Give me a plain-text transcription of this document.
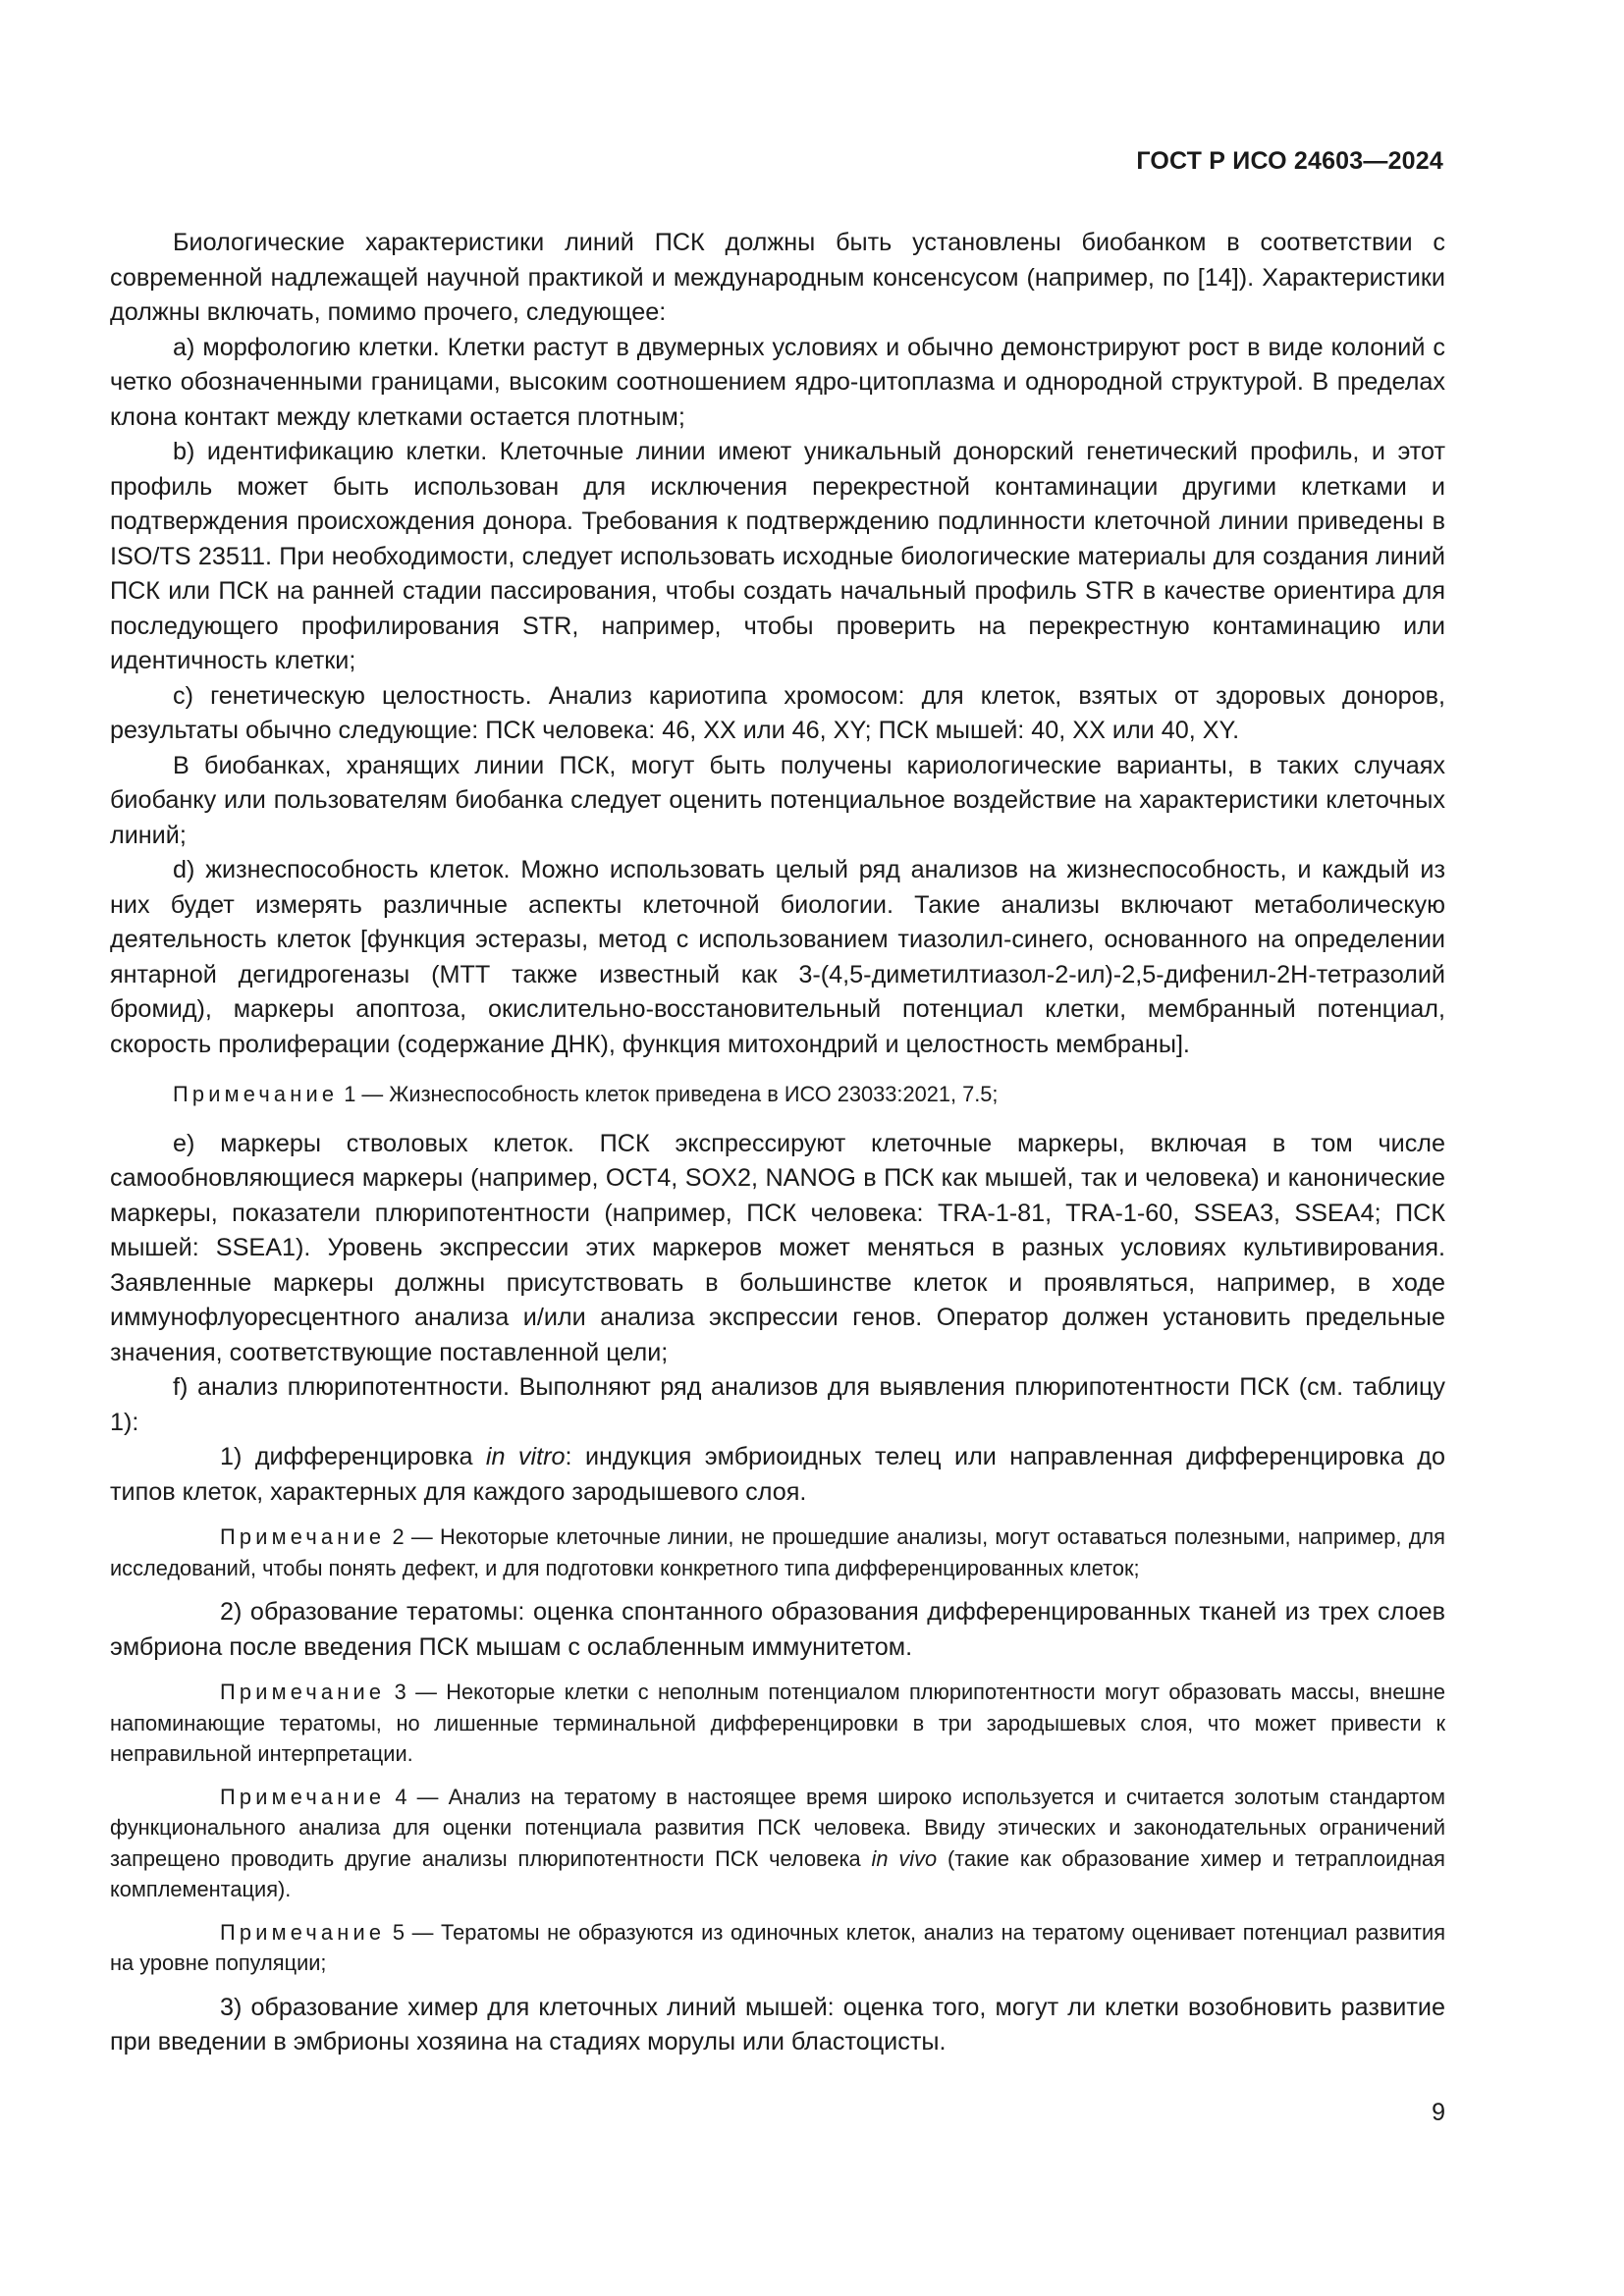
ГОСТ Р ИСО 24603—2024

Биологические характеристики линий ПСК должны быть установлены биобанком в соответствии с современной надлежащей научной практикой и международным консенсусом (например, по [14]). Характеристики должны включать, помимо прочего, следующее:

a) морфологию клетки. Клетки растут в двумерных условиях и обычно демонстрируют рост в виде колоний с четко обозначенными границами, высоким соотношением ядро-цитоплазма и однородной структурой. В пределах клона контакт между клетками остается плотным;

b) идентификацию клетки. Клеточные линии имеют уникальный донорский генетический профиль, и этот профиль может быть использован для исключения перекрестной контаминации другими клетками и подтверждения происхождения донора. Требования к подтверждению подлинности клеточной линии приведены в ISO/TS 23511. При необходимости, следует использовать исходные биологические материалы для создания линий ПСК или ПСК на ранней стадии пассирования, чтобы создать начальный профиль STR в качестве ориентира для последующего профилирования STR, например, чтобы проверить на перекрестную контаминацию или идентичность клетки;

c) генетическую целостность. Анализ кариотипа хромосом: для клеток, взятых от здоровых доноров, результаты обычно следующие: ПСК человека: 46, XX или 46, XY; ПСК мышей: 40, XX или 40, XY.

В биобанках, хранящих линии ПСК, могут быть получены кариологические варианты, в таких случаях биобанку или пользователям биобанка следует оценить потенциальное воздействие на характеристики клеточных линий;

d) жизнеспособность клеток. Можно использовать целый ряд анализов на жизнеспособность, и каждый из них будет измерять различные аспекты клеточной биологии. Такие анализы включают метаболическую деятельность клеток [функция эстеразы, метод с использованием тиазолил-синего, основанного на определении янтарной дегидрогеназы (МТТ также известный как 3-(4,5-диметилтиазол-2-ил)-2,5-дифенил-2Н-тетразолий бромид), маркеры апоптоза, окислительно-восстановительный потенциал клетки, мембранный потенциал, скорость пролиферации (содержание ДНК), функция митохондрий и целостность мембраны].

Примечание 1 — Жизнеспособность клеток приведена в ИСО 23033:2021, 7.5;

e) маркеры стволовых клеток. ПСК экспрессируют клеточные маркеры, включая в том числе самообновляющиеся маркеры (например, ОСТ4, SOX2, NANOG в ПСК как мышей, так и человека) и канонические маркеры, показатели плюрипотентности (например, ПСК человека: TRA-1-81, TRA-1-60, SSEA3, SSEA4; ПСК мышей: SSEA1). Уровень экспрессии этих маркеров может меняться в разных условиях культивирования. Заявленные маркеры должны присутствовать в большинстве клеток и проявляться, например, в ходе иммунофлуоресцентного анализа и/или анализа экспрессии генов. Оператор должен установить предельные значения, соответствующие поставленной цели;

f) анализ плюрипотентности. Выполняют ряд анализов для выявления плюрипотентности ПСК (см. таблицу 1):

1) дифференцировка in vitro: индукция эмбриоидных телец или направленная дифференцировка до типов клеток, характерных для каждого зародышевого слоя.

Примечание 2 — Некоторые клеточные линии, не прошедшие анализы, могут оставаться полезными, например, для исследований, чтобы понять дефект, и для подготовки конкретного типа дифференцированных клеток;

2) образование тератомы: оценка спонтанного образования дифференцированных тканей из трех слоев эмбриона после введения ПСК мышам с ослабленным иммунитетом.

Примечание 3 — Некоторые клетки с неполным потенциалом плюрипотентности могут образовать массы, внешне напоминающие тератомы, но лишенные терминальной дифференцировки в три зародышевых слоя, что может привести к неправильной интерпретации.

Примечание 4 — Анализ на тератому в настоящее время широко используется и считается золотым стандартом функционального анализа для оценки потенциала развития ПСК человека. Ввиду этических и законодательных ограничений запрещено проводить другие анализы плюрипотентности ПСК человека in vivo (такие как образование химер и тетраплоидная комплементация).

Примечание 5 — Тератомы не образуются из одиночных клеток, анализ на тератому оценивает потенциал развития на уровне популяции;

3) образование химер для клеточных линий мышей: оценка того, могут ли клетки возобновить развитие при введении в эмбрионы хозяина на стадиях морулы или бластоцисты.

9
